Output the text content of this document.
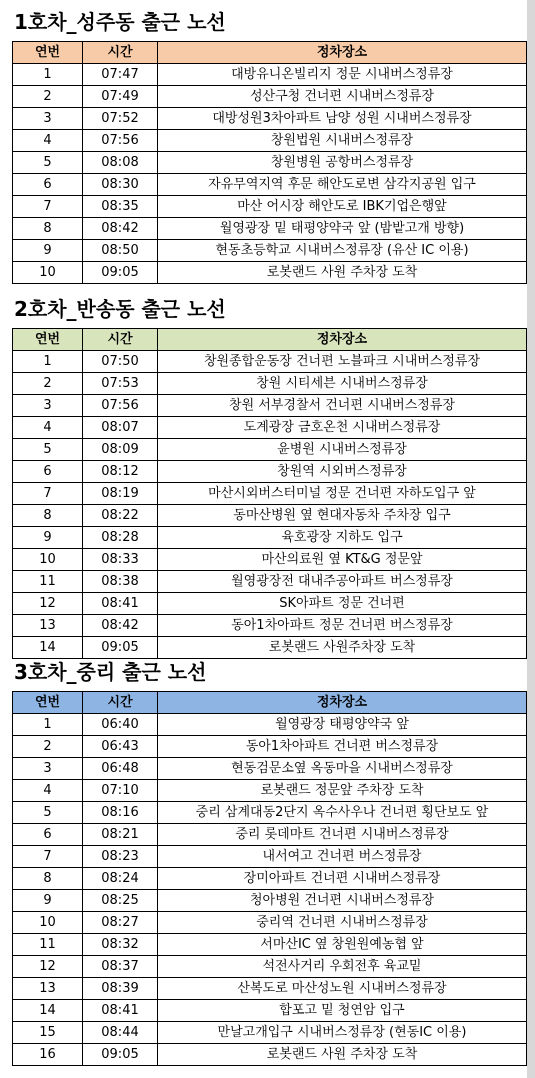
1호차_성주동 출근 노선
연번	시간	정차장소
1	07:47	대방유니온빌리지 정문 시내버스정류장
2	07:49	성산구청 건너편 시내버스정류장
3	07:52	대방성원3차아파트 남양 성원 시내버스정류장
4	07:56	창원법원 시내버스정류장
5	08:08	창원병원 공항버스정류장
6	08:30	자유무역지역 후문 해안도로변 삼각지공원 입구
7	08:35	마산 어시장 해안도로 IBK기업은행앞
8	08:42	월영광장 밑 태평양약국 앞 (밤밭고개 방향)
9	08:50	현동초등학교 시내버스정류장 (유산 IC 이용)
10	09:05	로봇랜드 사원 주차장 도착
2호차_반송동 출근 노선
연번	시간	정차장소
1	07:50	창원종합운동장 건너편 노블파크 시내버스정류장
2	07:53	창원 시티세븐 시내버스정류장
3	07:56	창원 서부경찰서 건너편 시내버스정류장
4	08:07	도계광장 금호온천 시내버스정류장
5	08:09	윤병원 시내버스정류장
6	08:12	창원역 시외버스정류장
7	08:19	마산시외버스터미널 정문 건너편 자하도입구 앞
8	08:22	동마산병원 옆 현대자동차 주차장 입구
9	08:28	육호광장 지하도 입구
10	08:33	마산의료원 옆 KT&G 정문앞
11	08:38	월영광장전 대내주공아파트 버스정류장
12	08:41	SK아파트 정문 건너편
13	08:42	동아1차아파트 정문 건너편 버스정류장
14	09:05	로봇랜드 사원주차장 도착
3호차_중리 출근 노선
연번	시간	정차장소
1	06:40	월영광장 태평양약국 앞
2	06:43	동아1차아파트 건너편 버스정류장
3	06:48	현동검문소옆 옥동마을 시내버스정류장
4	07:10	로봇랜드 정문앞 주차장 도착
5	08:16	중리 삼계대동2단지 옥수사우나 건너편 횡단보도 앞
6	08:21	중리 롯데마트 건너편 시내버스정류장
7	08:23	내서여고 건너편 버스정류장
8	08:24	장미아파트 건너편 시내버스정류장
9	08:25	청아병원 건너편 시내버스정류장
10	08:27	중리역 건너편 시내버스정류장
11	08:32	서마산IC 옆 창원원예농협 앞
12	08:37	석전사거리 우회전후 육교밑
13	08:39	산복도로 마산성노원 시내버스정류장
14	08:41	합포고 밑 청연암 입구
15	08:44	만날고개입구 시내버스정류장 (현동IC 이용)
16	09:05	로봇랜드 사원 주차장 도착
